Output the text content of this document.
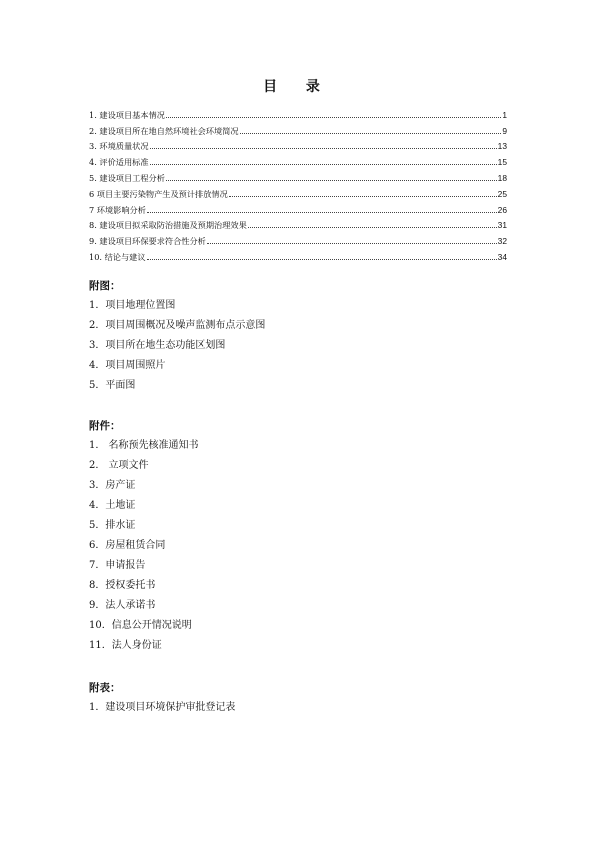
目 录
1. 建设项目基本情况	1
2. 建设项目所在地自然环境社会环境简况	9
3. 环境质量状况	13
4. 评价适用标准	15
5. 建设项目工程分析	18
6 项目主要污染物产生及预计排放情况	25
7 环境影响分析	26
8. 建设项目拟采取防治措施及预期治理效果	31
9. 建设项目环保要求符合性分析	32
10. 结论与建议	34
附图：
1．项目地理位置图
2．项目周围概况及噪声监测布点示意图
3．项目所在地生态功能区划图
4．项目周围照片
5．平面图
附件：
1． 名称预先核准通知书
2． 立项文件
3．房产证
4．土地证
5．排水证
6．房屋租赁合同
7．申请报告
8．授权委托书
9．法人承诺书
10．信息公开情况说明
11．法人身份证
附表：
1．建设项目环境保护审批登记表
